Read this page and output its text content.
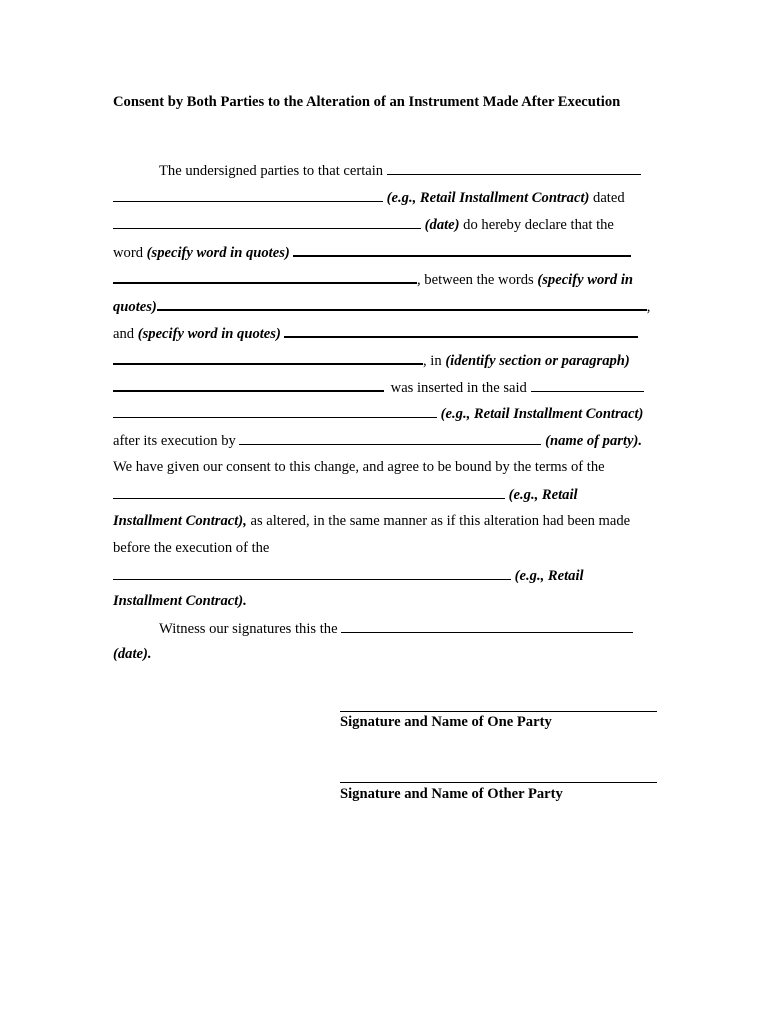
Consent by Both Parties to the Alteration of an Instrument Made After Execution
The undersigned parties to that certain
(e.g., Retail Installment Contract) dated
(date) do hereby declare that the
word (specify word in quotes)
, between the words (specify word in
quotes)	,
and (specify word in quotes)
, in (identify section or paragraph)
was inserted in the said
(e.g., Retail Installment Contract)
after its execution by	(name of party).
We have given our consent to this change, and agree to be bound by the terms of the
(e.g., Retail
Installment Contract), as altered, in the same manner as if this alteration had been made
before the execution of the
(e.g., Retail
Installment Contract).
Witness our signatures this the
(date).
Signature and Name of One Party
Signature and Name of Other Party
